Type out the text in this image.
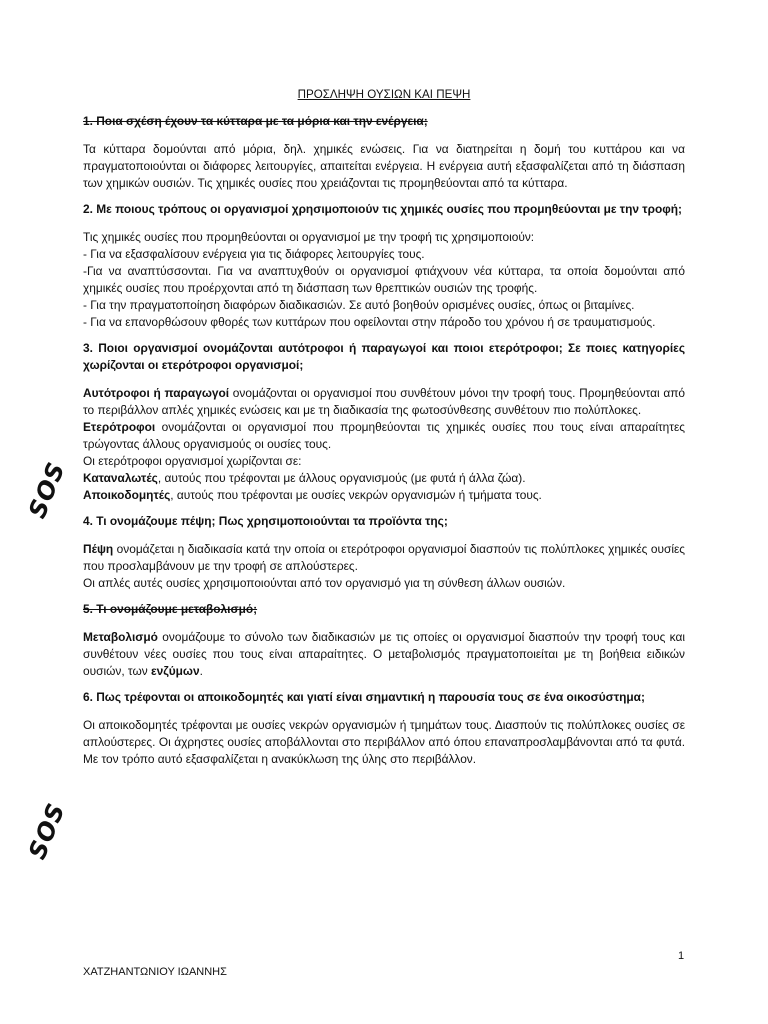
SOS
SOS
ΠΡΟΣΛΗΨΗ ΟΥΣΙΩΝ ΚΑΙ ΠΕΨΗ
1. Ποια σχέση έχουν τα κύτταρα με τα μόρια και την ενέργεια;

Τα κύτταρα δομούνται από μόρια, δηλ. χημικές ενώσεις. Για να διατηρείται η δομή του κυττάρου και να πραγματοποιούνται οι διάφορες λειτουργίες, απαιτείται ενέργεια. Η ενέργεια αυτή εξασφαλίζεται από τη διάσπαση των χημικών ουσιών. Τις χημικές ουσίες που χρειάζονται τις προμηθεύονται από τα κύτταρα.

2. Με ποιους τρόπους οι οργανισμοί χρησιμοποιούν τις χημικές ουσίες που προμηθεύονται με την τροφή;

Τις χημικές ουσίες που προμηθεύονται οι οργανισμοί με την τροφή τις χρησιμοποιούν:

- Για να εξασφαλίσουν ενέργεια για τις διάφορες λειτουργίες τους.

-Για να αναπτύσσονται. Για να αναπτυχθούν οι οργανισμοί φτιάχνουν νέα κύτταρα, τα οποία δομούνται από χημικές ουσίες που προέρχονται από τη διάσπαση των θρεπτικών ουσιών της τροφής.

- Για την πραγματοποίηση διαφόρων διαδικασιών. Σε αυτό βοηθούν ορισμένες ουσίες, όπως οι βιταμίνες.

- Για να επανορθώσουν φθορές των κυττάρων που οφείλονται στην πάροδο του χρόνου ή σε τραυματισμούς.

3. Ποιοι οργανισμοί ονομάζονται αυτότροφοι ή παραγωγοί και ποιοι ετερότροφοι; Σε ποιες κατηγορίες χωρίζονται οι ετερότροφοι οργανισμοί;

Αυτότροφοι ή παραγωγοί ονομάζονται οι οργανισμοί που συνθέτουν μόνοι την τροφή τους. Προμηθεύονται από το περιβάλλον απλές χημικές ενώσεις και με τη διαδικασία της φωτοσύνθεσης συνθέτουν πιο πολύπλοκες.

Ετερότροφοι ονομάζονται οι οργανισμοί που προμηθεύονται τις χημικές ουσίες που τους είναι απαραίτητες τρώγοντας άλλους οργανισμούς οι ουσίες τους.

Οι ετερότροφοι οργανισμοί χωρίζονται σε:

Καταναλωτές, αυτούς που τρέφονται με άλλους οργανισμούς (με φυτά ή άλλα ζώα).

Αποικοδομητές, αυτούς που τρέφονται με ουσίες νεκρών οργανισμών ή τμήματα τους.

4. Τι ονομάζουμε πέψη; Πως χρησιμοποιούνται τα προϊόντα της;

Πέψη ονομάζεται η διαδικασία κατά την οποία οι ετερότροφοι οργανισμοί διασπούν τις πολύπλοκες χημικές ουσίες που προσλαμβάνουν με την τροφή σε απλούστερες.

Οι απλές αυτές ουσίες χρησιμοποιούνται από τον οργανισμό για τη σύνθεση άλλων ουσιών.

5. Τι ονομάζουμε μεταβολισμό;

Μεταβολισμό ονομάζουμε το σύνολο των διαδικασιών με τις οποίες οι οργανισμοί διασπούν την τροφή τους και συνθέτουν νέες ουσίες που τους είναι απαραίτητες. Ο μεταβολισμός πραγματοποιείται με τη βοήθεια ειδικών ουσιών, των ενζύμων.

6. Πως τρέφονται οι αποικοδομητές και γιατί είναι σημαντική η παρουσία τους σε ένα οικοσύστημα;

Οι αποικοδομητές τρέφονται με ουσίες νεκρών οργανισμών ή τμημάτων τους. Διασπούν τις πολύπλοκες ουσίες σε απλούστερες. Οι άχρηστες ουσίες αποβάλλονται στο περιβάλλον από όπου επαναπροσλαμβάνονται από τα φυτά. Με τον τρόπο αυτό εξασφαλίζεται η ανακύκλωση της ύλης στο περιβάλλον.

1
ΧΑΤΖΗΑΝΤΩΝΙΟΥ ΙΩΑΝΝΗΣ
